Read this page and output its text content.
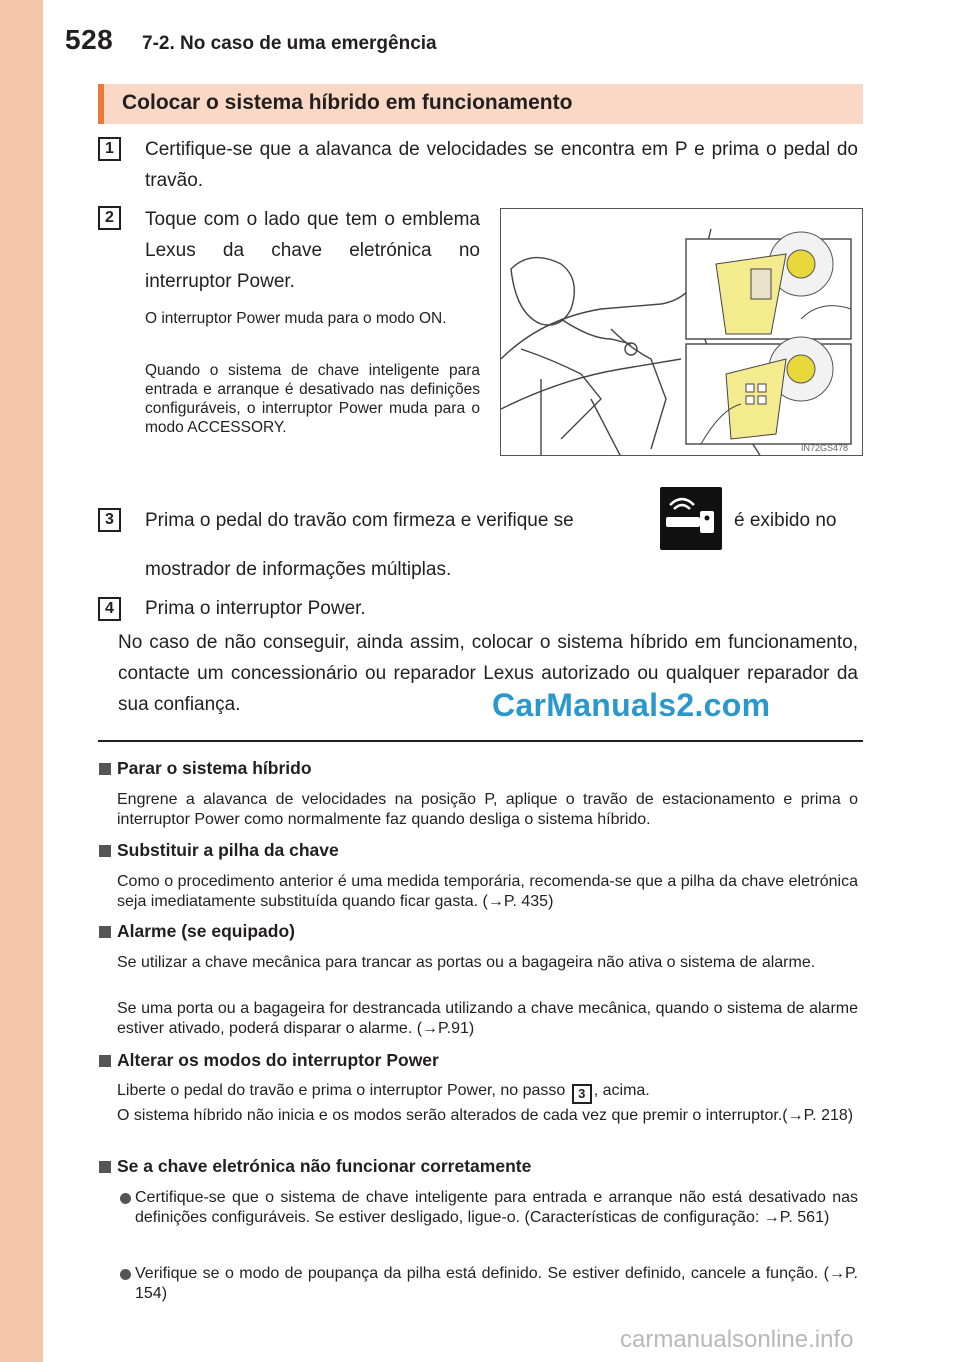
528 7-2. No caso de uma emergência
Colocar o sistema híbrido em funcionamento
1	Certifique-se que a alavanca de velocidades se encontra em P e prima o pedal do travão.
2	Toque com o lado que tem o emblema Lexus da chave eletrónica no interruptor Power.
O interruptor Power muda para o modo ON.
Quando o sistema de chave inteligente para entrada e arranque é desativado nas definições configuráveis, o interruptor Power muda para o modo ACCESSORY.
IN72GS478
3	Prima o pedal do travão com firmeza e verifique se	é exibido no
mostrador de informações múltiplas.
4	Prima o interruptor Power.
No caso de não conseguir, ainda assim, colocar o sistema híbrido em funcionamento, contacte um concessionário ou reparador Lexus autorizado ou qualquer reparador da sua confiança.	CarManuals2.com
Parar o sistema híbrido
Engrene a alavanca de velocidades na posição P, aplique o travão de estacionamento e prima o interruptor Power como normalmente faz quando desliga o sistema híbrido.
Substituir a pilha da chave
Como o procedimento anterior é uma medida temporária, recomenda-se que a pilha da chave eletrónica seja imediatamente substituída quando ficar gasta. (→P. 435)
Alarme (se equipado)
Se utilizar a chave mecânica para trancar as portas ou a bagageira não ativa o sistema de alarme.
Se uma porta ou a bagageira for destrancada utilizando a chave mecânica, quando o sistema de alarme estiver ativado, poderá disparar o alarme. (→P.91)
Alterar os modos do interruptor Power
Liberte o pedal do travão e prima o interruptor Power, no passo 3 , acima.
O sistema híbrido não inicia e os modos serão alterados de cada vez que premir o interruptor.(→P. 218)
Se a chave eletrónica não funcionar corretamente
Certifique-se que o sistema de chave inteligente para entrada e arranque não está desativado nas definições configuráveis. Se estiver desligado, ligue-o. (Características de configuração: →P. 561)
Verifique se o modo de poupança da pilha está definido. Se estiver definido, cancele a função. (→P. 154)
carmanualsonline.info
